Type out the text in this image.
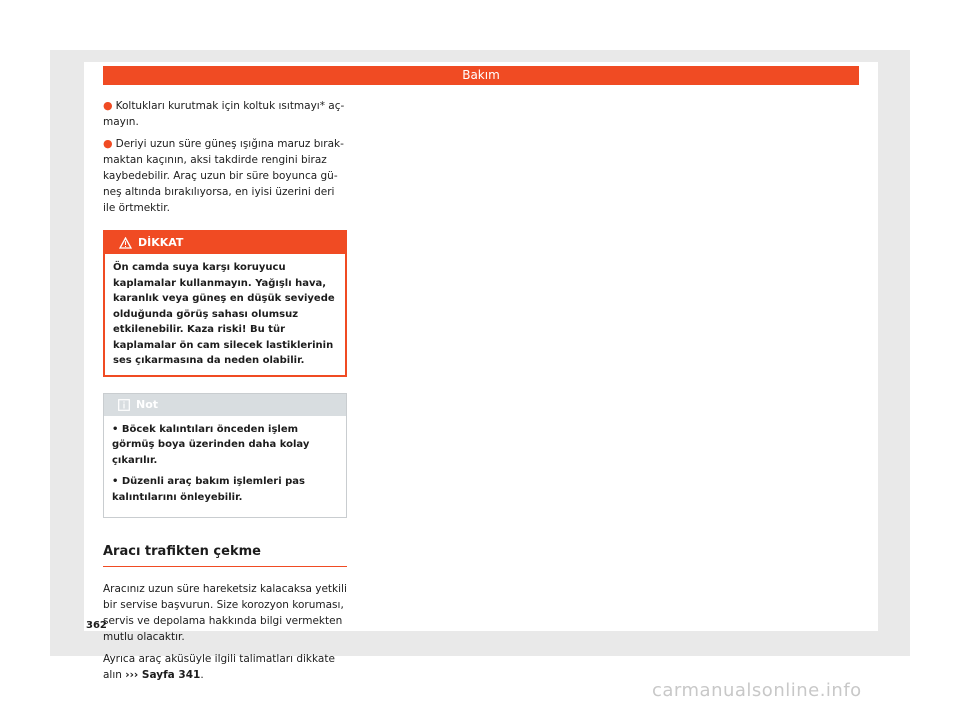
Bakım
● Koltukları kurutmak için koltuk ısıtmayı* açmayın.
● Deriyi uzun süre güneş ışığına maruz bırakmaktan kaçının, aksi takdirde rengini biraz kaybedebilir. Araç uzun bir süre boyunca güneş altında bırakılıyorsa, en iyisi üzerini deri ile örtmektir.
DİKKAT
Ön camda suya karşı koruyucu kaplamalar kullanmayın. Yağışlı hava, karanlık veya güneş en düşük seviyede olduğunda görüş sahası olumsuz etkilenebilir. Kaza riski! Bu tür kaplamalar ön cam silecek lastiklerinin ses çıkarmasına da neden olabilir.
Not

• Böcek kalıntıları önceden işlem görmüş boya üzerinden daha kolay çıkarılır.

• Düzenli araç bakım işlemleri pas kalıntılarını önleyebilir.

Aracı trafikten çekme

Aracınız uzun süre hareketsiz kalacaksa yetkili bir servise başvurun. Size korozyon koruması, servis ve depolama hakkında bilgi vermekten mutlu olacaktır.

Ayrıca araç aküsüyle ilgili talimatları dikkate alın ››› Sayfa 341.

362
carmanualsonline.info
